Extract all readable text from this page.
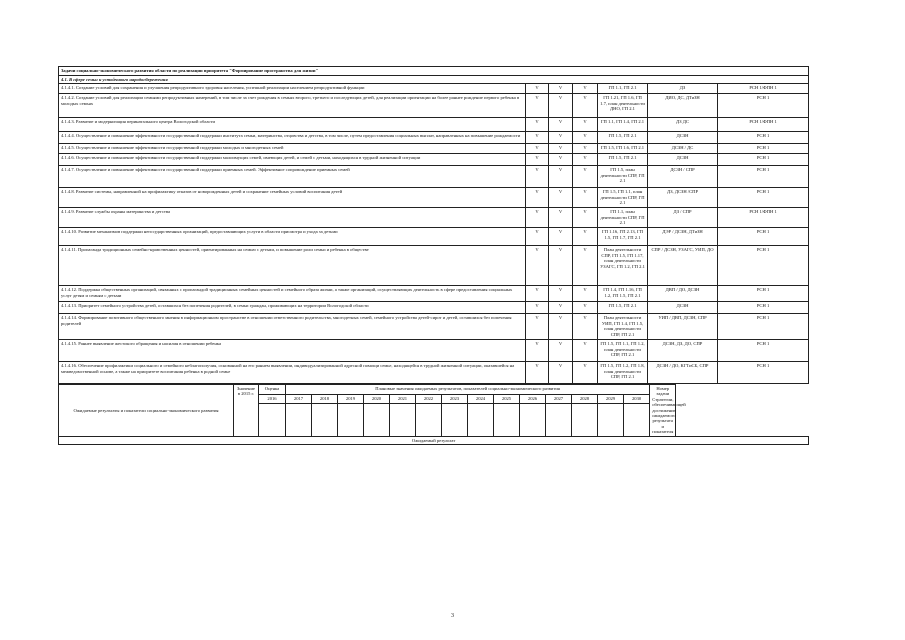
Задачи социально-экономического развития области по реализации приоритета "Формирование пространства для жизни"						
4.1. В сфере семьи и устойчивого народосбережения						
4.1.4.1. Создание условий для сохранения и улучшения репродуктивного здоровья населения, успешной реализации населением репродуктивной функции	V	V	V	ГП 1.1, ГП 2.1	ДЗ	РСН 1/ФПН 1
4.1.4.2. Создание условий для реализации семьями репродуктивных намерений, в том числе за счет рождения в семьях второго, третьего и последующих детей, для реализации ориентации на более раннее рождение первого ребенка в молодых семьях	V	V	V	ГП 1.21, ГП 1.6, ГП 1.7, план деятельности ДНО, ГП 2.1	ДИО, ДС, ДТиЗН	РСН 1
4.1.4.3. Развитие и модернизация перинатального центра Вологодской области	V	V	V	ГП 1.1, ГП 1.4, ГП 2.1	ДЗ ДС	РСН 1/ФПН 1
4.1.4.4. Осуществление и повышение эффективности государственной поддержки института семьи, материнства, отцовства и детства, в том числе, путем предоставления социальных выплат, направленных на повышение рождаемости	V	V	V	ГП 1.5, ГП 2.1	ДСЗН	РСН 1
4.1.4.5. Осуществление и повышение эффективности государственной поддержки молодых и многодетных семей	V	V	V	ГП 1.5, ГП 1.6, ГП 2.1	ДСЗН / ДС	РСН 1
4.1.4.6. Осуществление и повышение эффективности государственной поддержки малоимущих семей, имеющих детей, и семей с детьми, находящихся в трудной жизненной ситуации	V	V	V	ГП 1.5, ГП 2.1	ДСЗН	РСН 1
4.1.4.7. Осуществление и повышение эффективности государственной поддержки приемных семей. Эффективное сопровождение приемных семей	V	V	V	ГП 1.5, план деятельности СПР, ГП 2.1	ДСЗН / СПР	РСН 1
4.1.4.8. Развитие системы, направленной на профилактику отказов от новорожденных детей и сохранение семейных условий воспитания детей	V	V	V	ГП 1.5, ГП 1.1, план деятельности СПР, ГП 2.1	ДЗ, ДСЗН /СПР	РСН 1
4.1.4.9. Развитие службы охраны материнства и детства	V	V	V	ГП 1.1, план деятельности СПР, ГП 2.1	ДЗ / СПР	РСН 1/ФПН 1
4.1.4.10. Развитие механизмов поддержки негосударственных организаций, предоставляющих услуги в области присмотра и ухода за детьми	V	V	V	ГП 1.16, ГП 2.13, ГП 1.5, ГП 1.7, ГП 2.1	ДЭР / ДСЗН, ДТиЗН	РСН 1
4.1.4.11. Пропаганда традиционных семейно-нравственных ценностей, ориентированных на семью с детьми, и повышение роли семьи и ребенка в обществе	V	V	V	План деятельности СПР, ГП 1.5, ГП 1.17, план деятельности УЗАГС, ГП 1.2, ГП 2.1	СПР / ДСЗН, УЗАГС, УИП, ДО	РСН 1
4.1.4.12. Поддержка общественных организаций, связанных с пропагандой традиционных семейных ценностей и семейного образа жизни, а также организаций, осуществляющих деятельность в сфере предоставления социальных услуг детям и семьям с детьми	V	V	V	ГП 1.4, ГП 1.16, ГП 1.2, ГП 1.5, ГП 2.1	ДВП / ДО, ДСЗН	РСН 1
4.1.4.13. Приоритет семейного устройства детей, оставшихся без попечения родителей, в семьи граждан, проживающих на территории Вологодской области	V	V	V	ГП 1.5, ГП 2.1	ДСЗН	РСН 1
4.1.4.14. Формирование позитивного общественного мнения в информационном пространстве в отношении ответственного родительства, многодетных семей, семейного устройства детей-сирот и детей, оставшихся без попечения родителей	V	V	V	План деятельности УИП, ГП 1.4, ГП 1.5, план деятельности СПР, ГП 2.1	УИП / ДВП, ДСЗН, СПР	РСН 1
4.1.4.15. Раннее выявление жестокого обращения и насилия в отношении ребенка	V	V	V	ГП 1.5, ГП 1.1, ГП 1.2, план деятельности СПР, ГП 2.1	ДСЗН, ДЗ, ДО, СПР	РСН 1
4.1.4.16. Обеспечение профилактики социального и семейного неблагополучия, основанной на его раннем выявлении, индивидуализированной адресной помощи семье, находящейся в трудной жизненной ситуации, оказавшейся на межведомственной основе, а также на приоритете воспитания ребенка в родной семье	V	V	V	ГП 1.5, ГП 1.2, ГП 1.8, план деятельности СПР, ГП 2.1	ДСЗН / ДО, КГТиСБ, СПР	РСН 1
Ожидаемые результаты и показатели социально-экономического развития	Значение в 2015 г.	Оценка	Плановые значения ожидаемых результатов, показателей социально-экономического развития														Номер задачи Стратегии, обеспечивающей достижение ожидаемого результата и показателя
		2016	2017	2018	2019	2020	2021	2022	2023	2024	2025	2026	2027	2028	2029	2030	

Ожидаемый результат																	
3
